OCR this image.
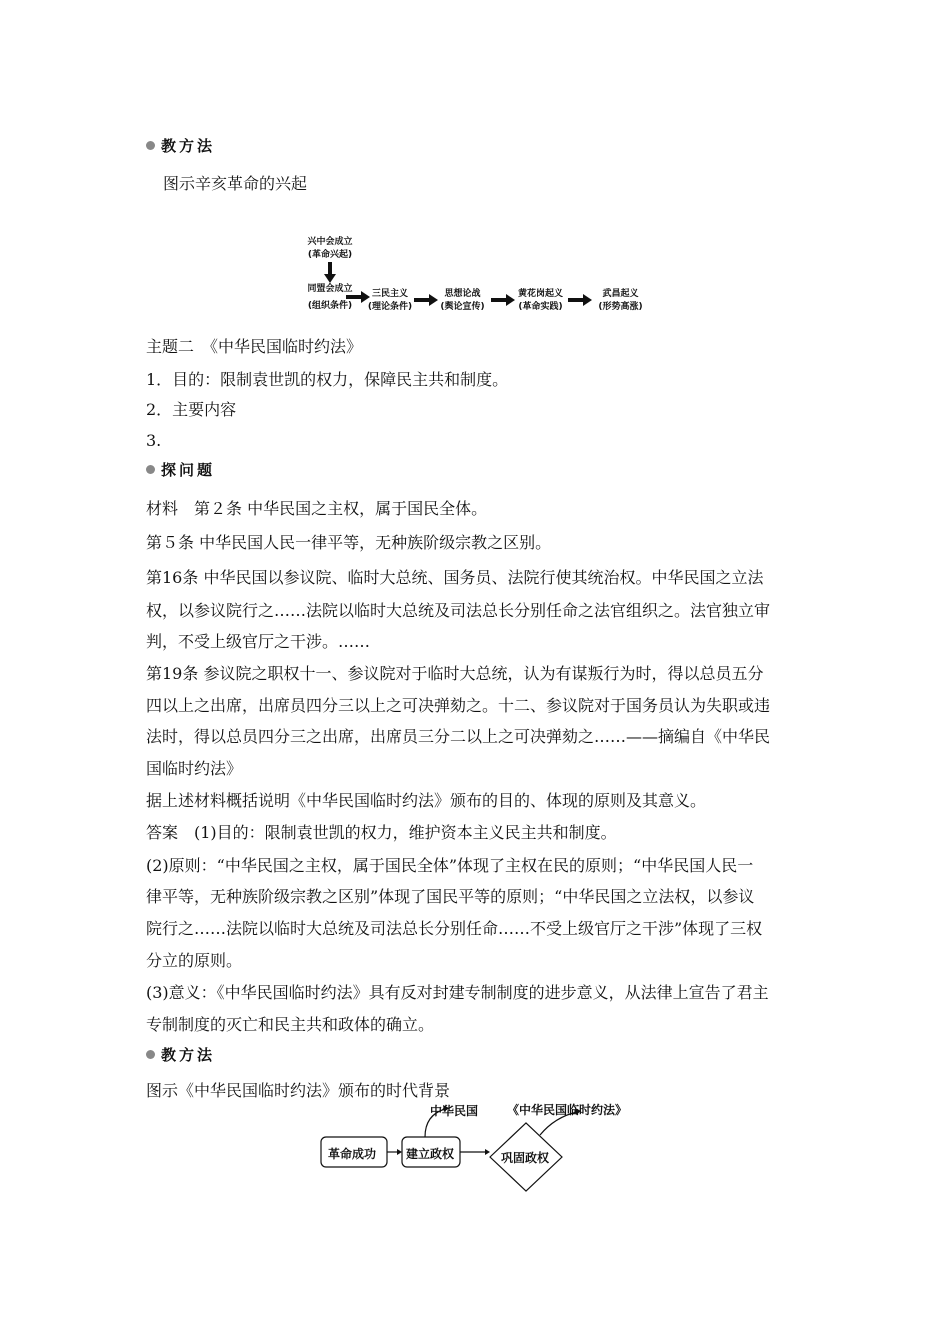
教方法
图示辛亥革命的兴起
兴中会成立
(革命兴起)
同盟会成立
(组织条件)
三民主义
(理论条件)
思想论战
(舆论宣传)
黄花岗起义
(革命实践)
武昌起义
(形势高涨)
主题二　《中华民国临时约法》
1．目的：限制袁世凯的权力，保障民主共和制度。
2．主要内容
3.
探问题
材料　第２条 中华民国之主权，属于国民全体。
第５条 中华民国人民一律平等，无种族阶级宗教之区别。
第16条 中华民国以参议院、临时大总统、国务员、法院行使其统治权。中华民国之立法
权，以参议院行之……法院以临时大总统及司法总长分别任命之法官组织之。法官独立审
判，不受上级官厅之干涉。……
第19条 参议院之职权十一、参议院对于临时大总统，认为有谋叛行为时，得以总员五分
四以上之出席，出席员四分三以上之可决弹劾之。十二、参议院对于国务员认为失职或违
法时，得以总员四分三之出席，出席员三分二以上之可决弹劾之……——摘编自《中华民
国临时约法》
据上述材料概括说明《中华民国临时约法》颁布的目的、体现的原则及其意义。
答案　(1)目的：限制袁世凯的权力，维护资本主义民主共和制度。
(2)原则：“中华民国之主权，属于国民全体”体现了主权在民的原则；“中华民国人民一
律平等，无种族阶级宗教之区别”体现了国民平等的原则；“中华民国之立法权，以参议
院行之……法院以临时大总统及司法总长分别任命……不受上级官厅之干涉”体现了三权
分立的原则。
(3)意义：《中华民国临时约法》具有反对封建专制制度的进步意义，从法律上宣告了君主
专制制度的灭亡和民主共和政体的确立。
教方法
图示《中华民国临时约法》颁布的时代背景
革命成功 建立政权	巩固政权
中华民国 《中华民国临时约法》
